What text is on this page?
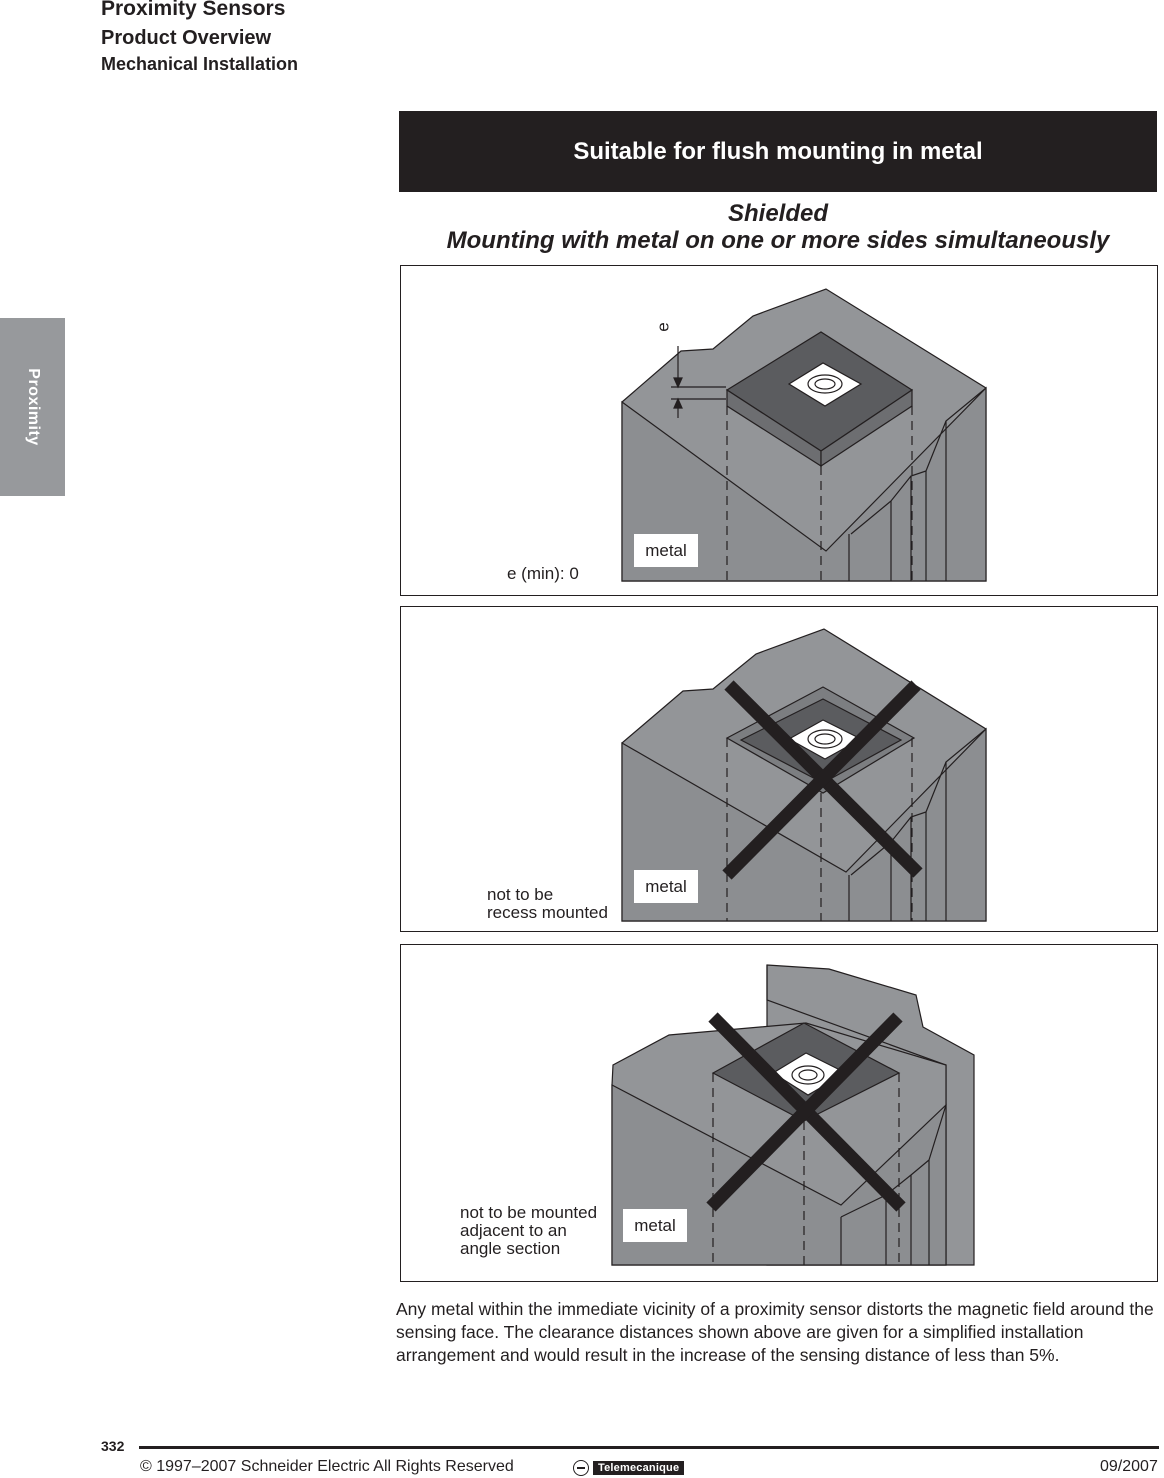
Proximity Sensors
Product Overview
Mechanical Installation
Proximity
Suitable for flush mounting in metal
Shielded
Mounting with metal on one or more sides simultaneously
e
metal
e (min): 0
metal
not to be
recess mounted
metal
not to be mounted
adjacent to an
angle section
Any metal within the immediate vicinity of a proximity sensor distorts the magnetic field around the sensing face. The clearance distances shown above are given for a simplified installation arrangement and would result in the increase of the sensing distance of less than 5%.
332
© 1997–2007 Schneider Electric All Rights Reserved	Telemecanique	09/2007
